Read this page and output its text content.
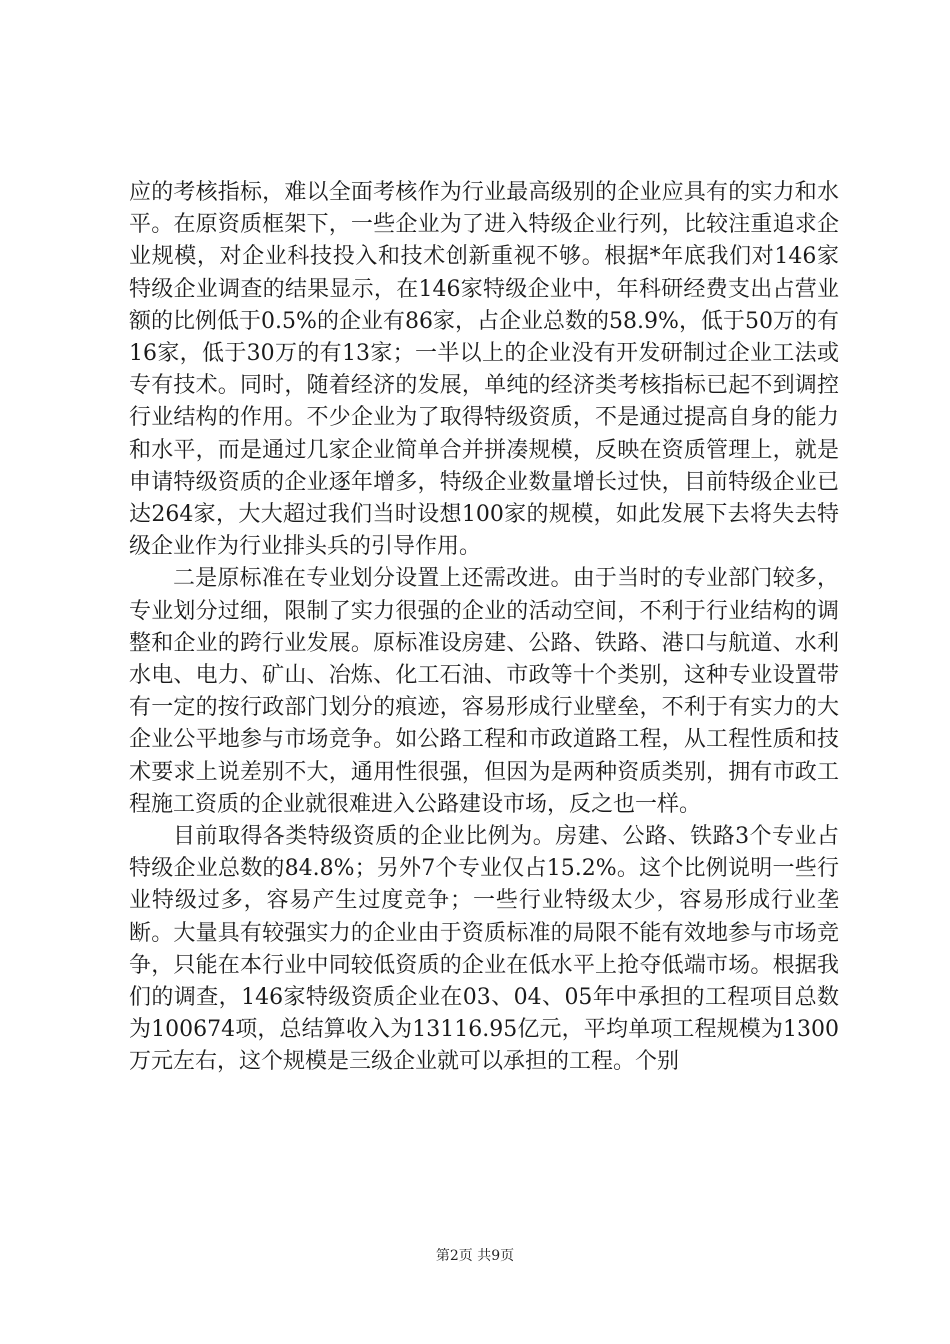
应的考核指标，难以全面考核作为行业最高级别的企业应具有的实力和水平。在原资质框架下，一些企业为了进入特级企业行列，比较注重追求企业规模，对企业科技投入和技术创新重视不够。根据*年底我们对146家特级企业调查的结果显示，在146家特级企业中，年科研经费支出占营业额的比例低于0.5%的企业有86家，占企业总数的58.9%，低于50万的有16家，低于30万的有13家；一半以上的企业没有开发研制过企业工法或专有技术。同时，随着经济的发展，单纯的经济类考核指标已起不到调控行业结构的作用。不少企业为了取得特级资质，不是通过提高自身的能力和水平，而是通过几家企业简单合并拼凑规模，反映在资质管理上，就是申请特级资质的企业逐年增多，特级企业数量增长过快，目前特级企业已达264家，大大超过我们当时设想100家的规模，如此发展下去将失去特级企业作为行业排头兵的引导作用。

二是原标准在专业划分设置上还需改进。由于当时的专业部门较多，专业划分过细，限制了实力很强的企业的活动空间，不利于行业结构的调整和企业的跨行业发展。原标准设房建、公路、铁路、港口与航道、水利水电、电力、矿山、冶炼、化工石油、市政等十个类别，这种专业设置带有一定的按行政部门划分的痕迹，容易形成行业壁垒，不利于有实力的大企业公平地参与市场竞争。如公路工程和市政道路工程，从工程性质和技术要求上说差别不大，通用性很强，但因为是两种资质类别，拥有市政工程施工资质的企业就很难进入公路建设市场，反之也一样。

目前取得各类特级资质的企业比例为。房建、公路、铁路3个专业占特级企业总数的84.8%；另外7个专业仅占15.2%。这个比例说明一些行业特级过多，容易产生过度竞争；一些行业特级太少，容易形成行业垄断。大量具有较强实力的企业由于资质标准的局限不能有效地参与市场竞争，只能在本行业中同较低资质的企业在低水平上抢夺低端市场。根据我们的调查，146家特级资质企业在03、04、05年中承担的工程项目总数为100674项，总结算收入为13116.95亿元，平均单项工程规模为1300万元左右，这个规模是三级企业就可以承担的工程。个别

第2页 共9页
